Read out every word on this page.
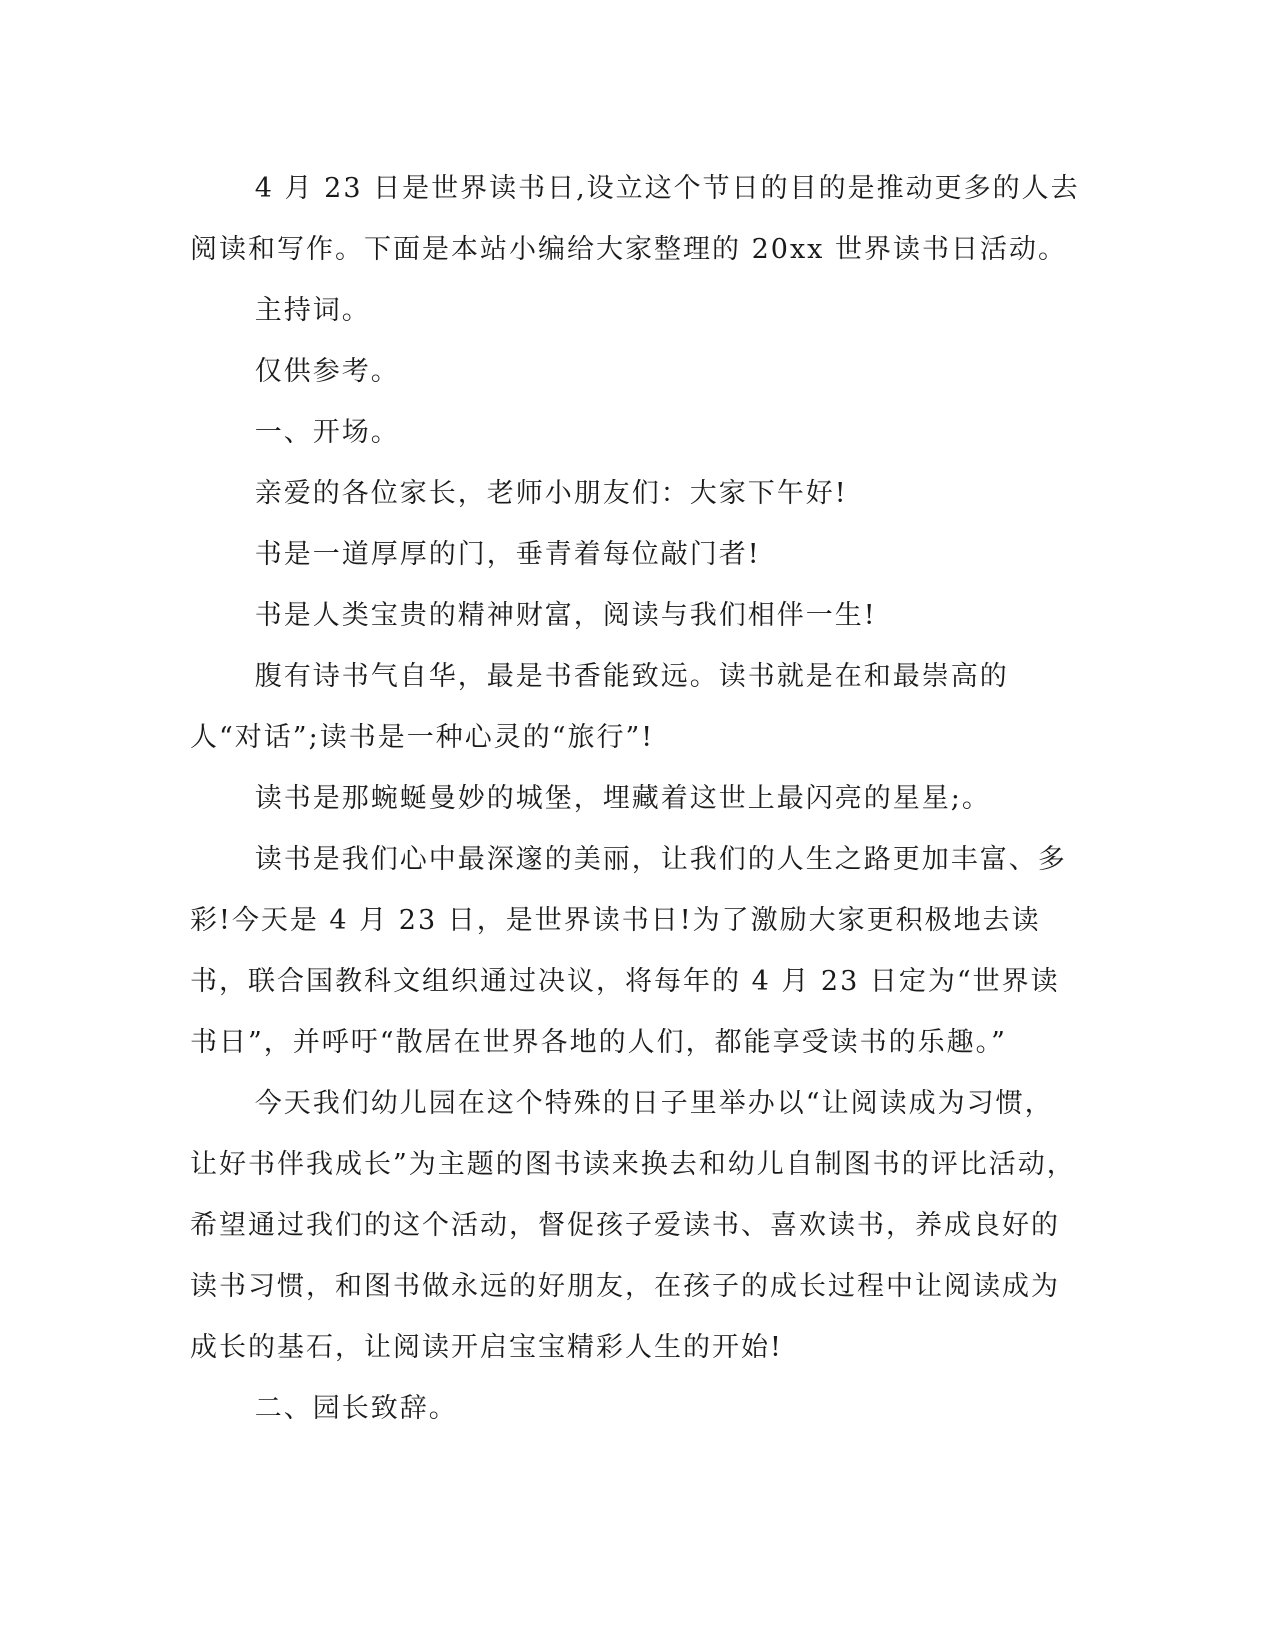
4 月 23 日是世界读书日,设立这个节日的目的是推动更多的人去阅读和写作。下面是本站小编给大家整理的 20xx 世界读书日活动。

主持词。

仅供参考。

一、开场。

亲爱的各位家长，老师小朋友们：大家下午好!

书是一道厚厚的门，垂青着每位敲门者!

书是人类宝贵的精神财富，阅读与我们相伴一生!

腹有诗书气自华，最是书香能致远。读书就是在和最崇高的人“对话”;读书是一种心灵的“旅行”!

读书是那蜿蜒曼妙的城堡，埋藏着这世上最闪亮的星星;。

读书是我们心中最深邃的美丽，让我们的人生之路更加丰富、多彩!今天是 4 月 23 日，是世界读书日!为了激励大家更积极地去读书，联合国教科文组织通过决议，将每年的 4 月 23 日定为“世界读书日”，并呼吁“散居在世界各地的人们，都能享受读书的乐趣。”

今天我们幼儿园在这个特殊的日子里举办以“让阅读成为习惯，让好书伴我成长”为主题的图书读来换去和幼儿自制图书的评比活动，希望通过我们的这个活动，督促孩子爱读书、喜欢读书，养成良好的读书习惯，和图书做永远的好朋友，在孩子的成长过程中让阅读成为成长的基石，让阅读开启宝宝精彩人生的开始!

二、园长致辞。
